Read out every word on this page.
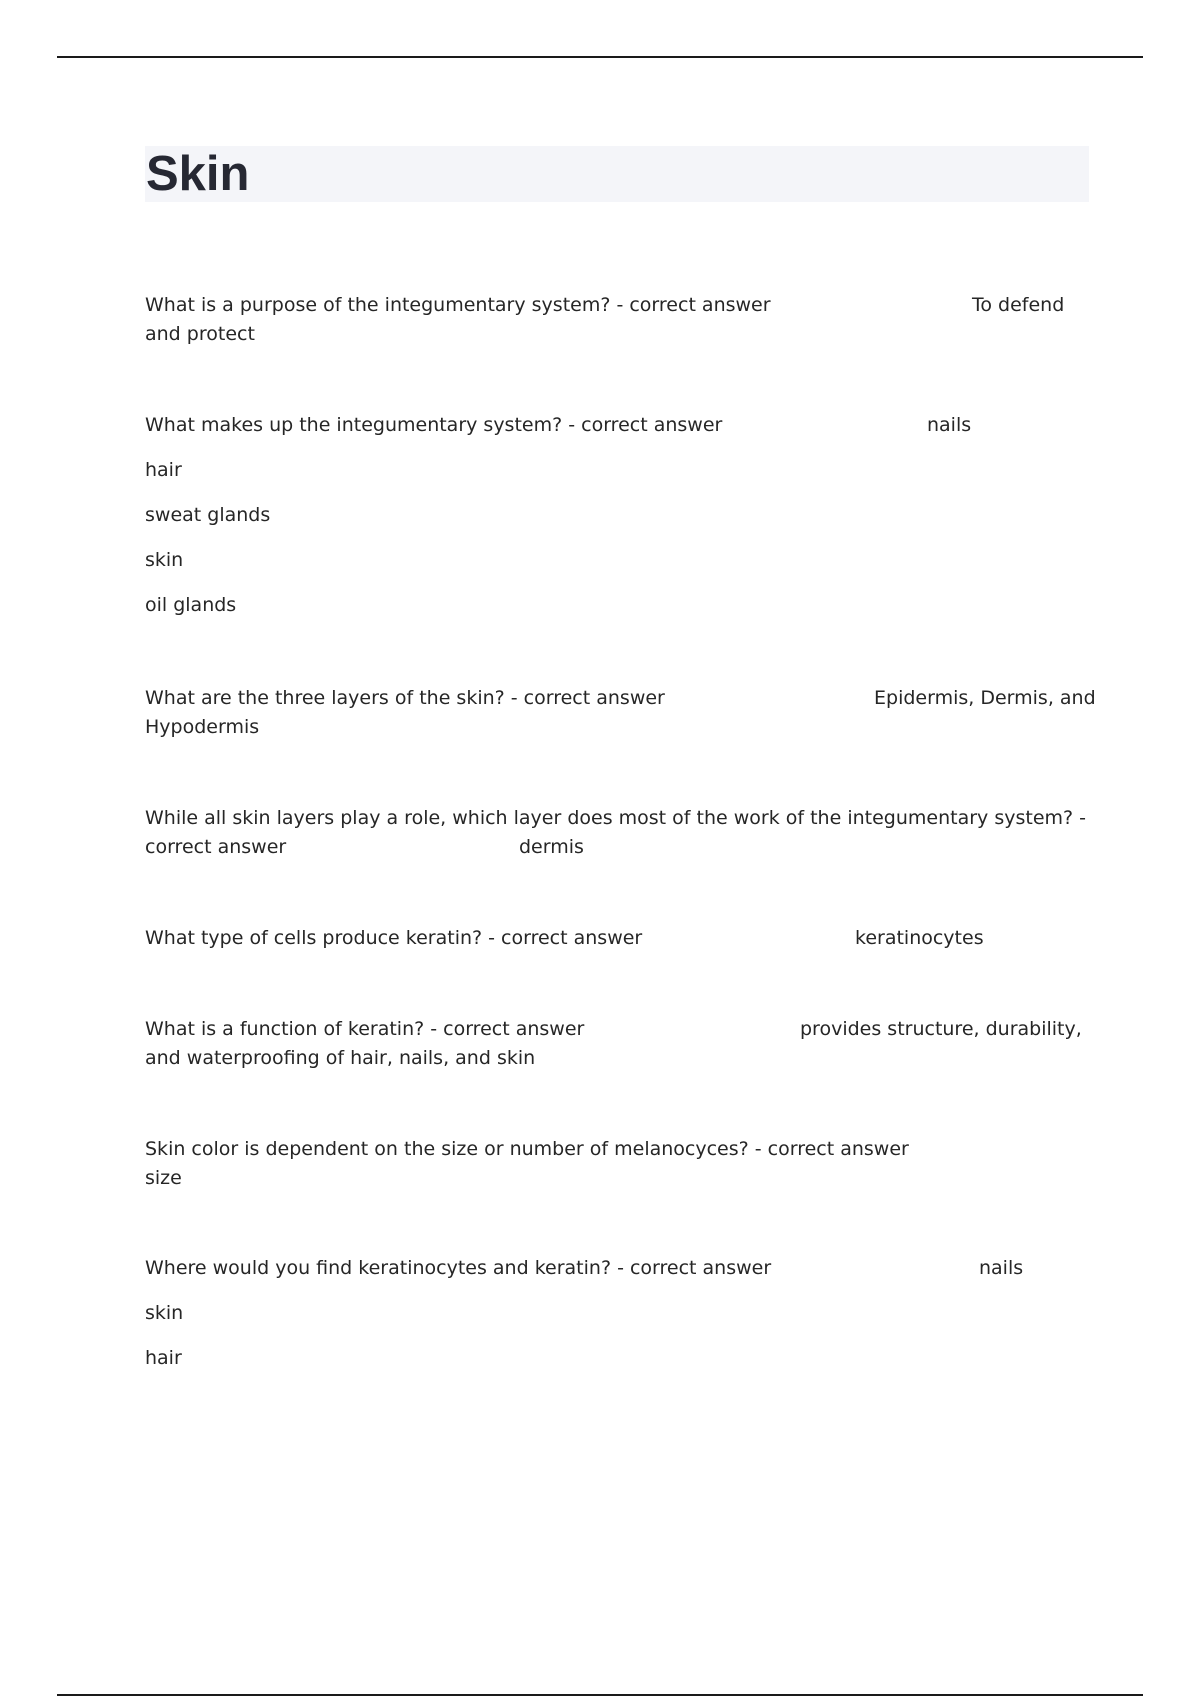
Skin
What is a purpose of the integumentary system? - correct answer	To defend
and protect
What makes up the integumentary system? - correct answer	nails
hair
sweat glands
skin
oil glands
What are the three layers of the skin? - correct answer	Epidermis, Dermis, and
Hypodermis
While all skin layers play a role, which layer does most of the work of the integumentary system? -
correct answer	dermis
What type of cells produce keratin? - correct answer	keratinocytes
What is a function of keratin? - correct answer	provides structure, durability,
and waterproofing of hair, nails, and skin
Skin color is dependent on the size or number of melanocyces? - correct answer
size
Where would you find keratinocytes and keratin? - correct answer	nails
skin
hair
